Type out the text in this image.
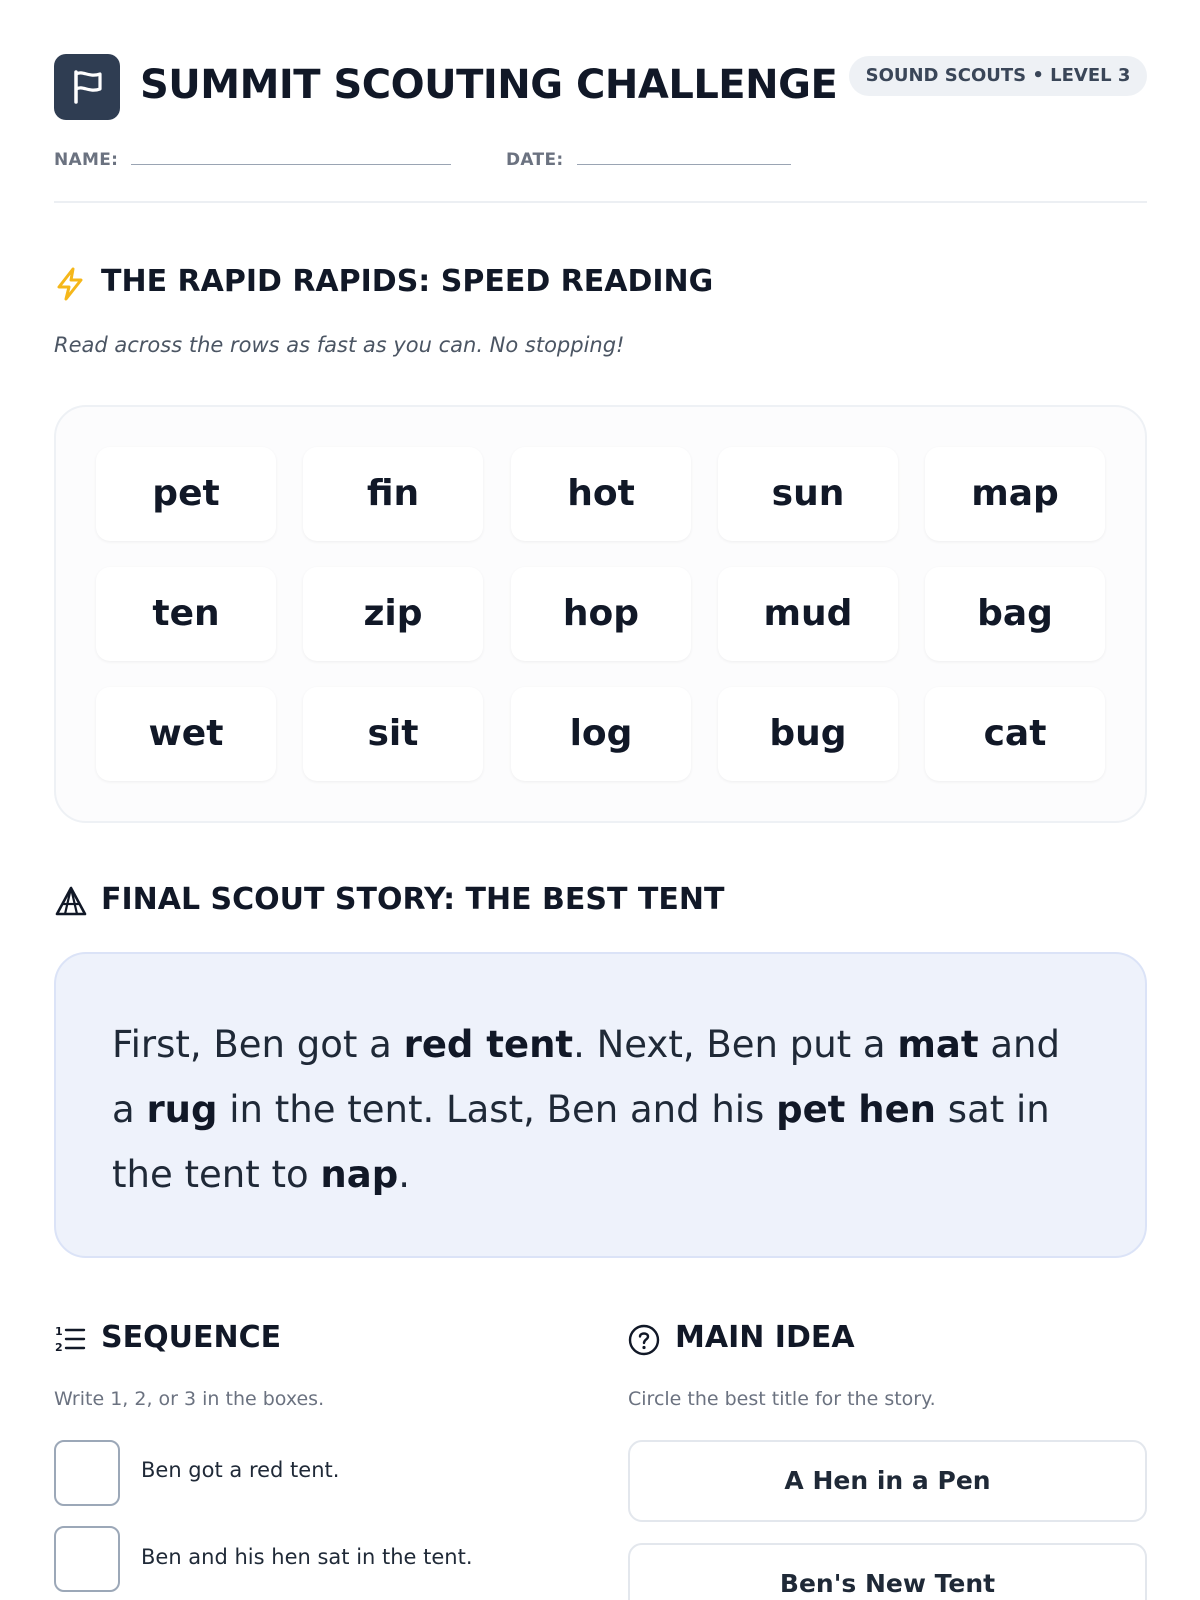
SUMMIT SCOUTING CHALLENGE	SOUND SCOUTS • LEVEL 3
NAME:	DATE:
THE RAPID RAPIDS: SPEED READING
Read across the rows as fast as you can. No stopping!
pet	fin	hot	sun	map
ten	zip	hop	mud	bag
wet	sit	log	bug	cat
FINAL SCOUT STORY: THE BEST TENT

First, Ben got a red tent. Next, Ben put a mat and a rug in the tent. Last, Ben and his pet hen sat in the tent to nap.

1
2 SEQUENCE
Write 1, 2, or 3 in the boxes.
Ben got a red tent.
Ben and his hen sat in the tent.
MAIN IDEA
Circle the best title for the story.
A Hen in a Pen
Ben's New Tent
